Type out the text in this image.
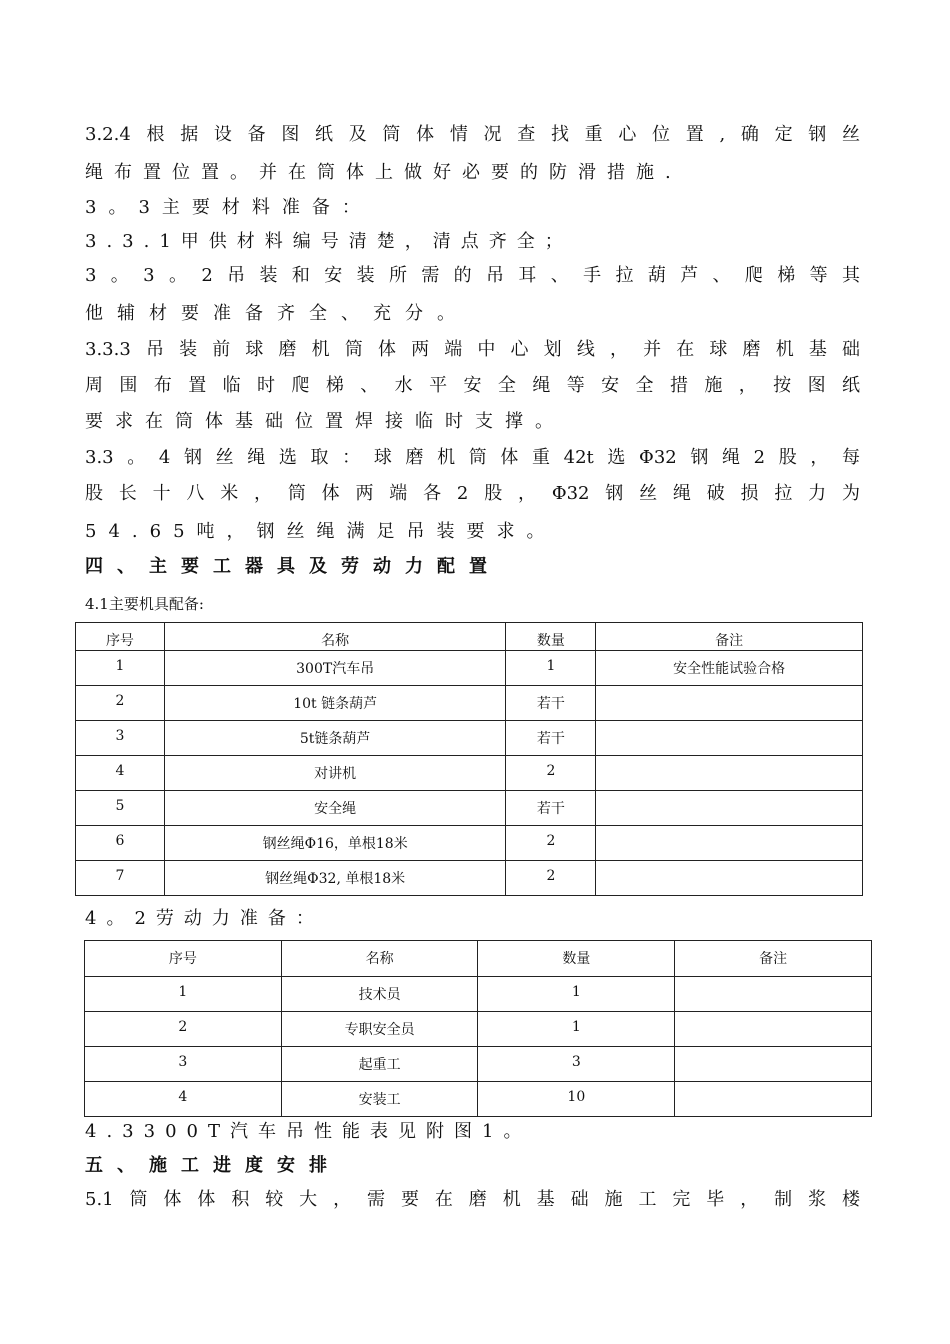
3.2.4根据设备图纸及筒体情况查找重心位置,确定钢丝
绳布置位置。并在筒体上做好必要的防滑措施.
3。3主要材料准备：
3.3.1甲供材料编号清楚，清点齐全；
3。3。2吊装和安装所需的吊耳、手拉葫芦、爬梯等其
他辅材要准备齐全、充分。
3.3.3吊装前球磨机筒体两端中心划线，并在球磨机基础
周围布置临时爬梯、水平安全绳等安全措施，按图纸
要求在筒体基础位置焊接临时支撑。
3.3。4钢丝绳选取：球磨机筒体重42t选Φ32钢绳2股，每
股长十八米，筒体两端各2股，Φ32钢丝绳破损拉力为
54.65吨，钢丝绳满足吊装要求。
四、主要工器具及劳动力配置
4.1主要机具配备:
序号	名称	数量	备注
1	300T汽车吊	1	安全性能试验合格
2	10t 链条葫芦	若干	
3	5t链条葫芦	若干	
4	对讲机	2	
5	安全绳	若干	
6	钢丝绳Φ16，单根18米	2	
7	钢丝绳Φ32, 单根18米	2	
4。2劳动力准备：
序号	名称	数量	备注
1	技术员	1	
2	专职安全员	1	
3	起重工	3	
4	安装工	10	
4.3300T汽车吊性能表见附图1。
五、施工进度安排
5.1筒体体积较大，需要在磨机基础施工完毕，制浆楼
